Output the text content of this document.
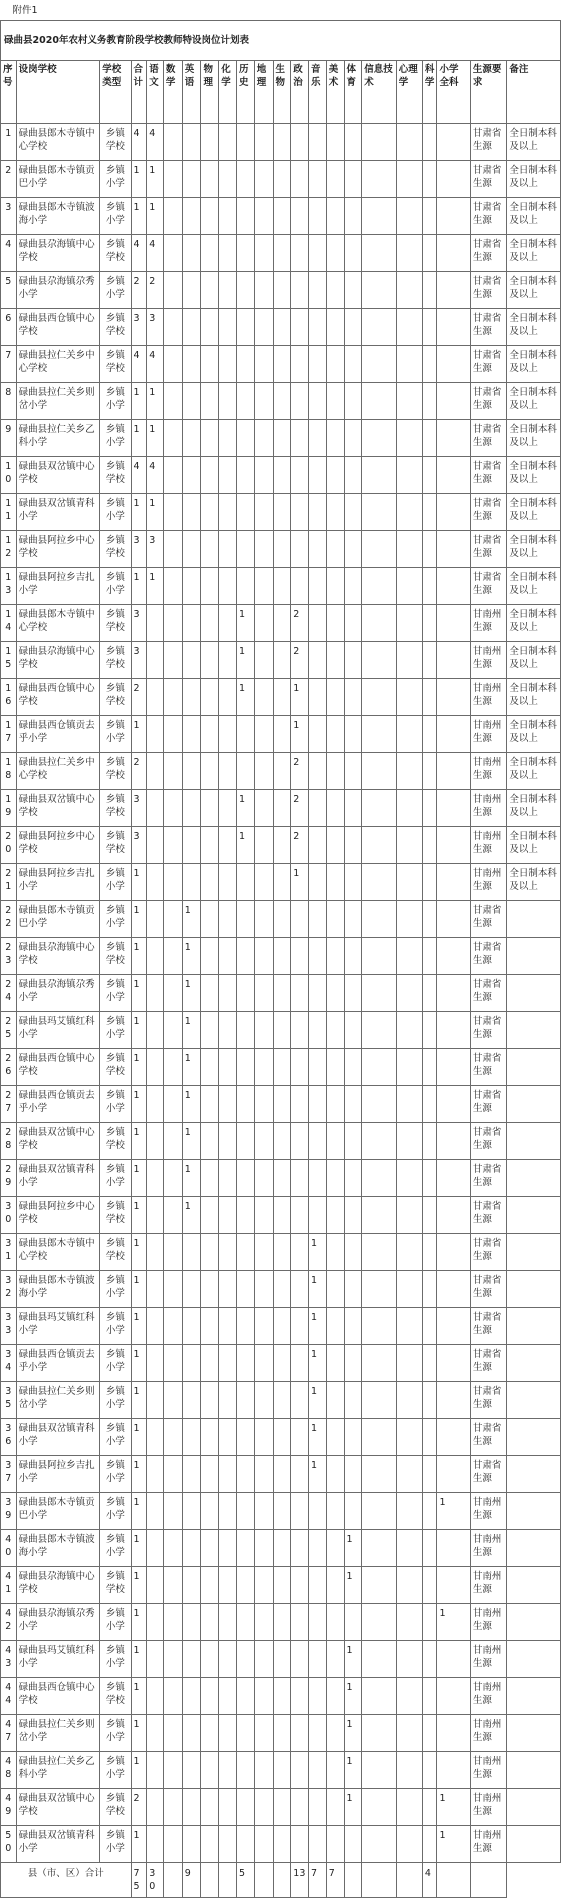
附件1																					
碌曲县2020年农村义务教育阶段学校教师特设岗位计划表																					
序号	设岗学校	学校类型	合计	语文	数学	英语	物理	化学	历史	地理	生物	政治	音乐	美术	体育	信息技术	心理学	科学	小学全科	生源要求	备注
1	碌曲县郎木寺镇中心学校	乡镇学校	4	4																甘肃省生源	全日制本科及以上
2	碌曲县郎木寺镇贡巴小学	乡镇小学	1	1																甘肃省生源	全日制本科及以上
3	碌曲县郎木寺镇波海小学	乡镇小学	1	1																甘肃省生源	全日制本科及以上
4	碌曲县尕海镇中心学校	乡镇学校	4	4																甘肃省生源	全日制本科及以上
5	碌曲县尕海镇尕秀小学	乡镇小学	2	2																甘肃省生源	全日制本科及以上
6	碌曲县西仓镇中心学校	乡镇学校	3	3																甘肃省生源	全日制本科及以上
7	碌曲县拉仁关乡中心学校	乡镇学校	4	4																甘肃省生源	全日制本科及以上
8	碌曲县拉仁关乡则岔小学	乡镇小学	1	1																甘肃省生源	全日制本科及以上
9	碌曲县拉仁关乡乙科小学	乡镇小学	1	1																甘肃省生源	全日制本科及以上
10	碌曲县双岔镇中心学校	乡镇学校	4	4																甘肃省生源	全日制本科及以上
11	碌曲县双岔镇青科小学	乡镇小学	1	1																甘肃省生源	全日制本科及以上
12	碌曲县阿拉乡中心学校	乡镇学校	3	3																甘肃省生源	全日制本科及以上
13	碌曲县阿拉乡吉扎小学	乡镇小学	1	1																甘肃省生源	全日制本科及以上
14	碌曲县郎木寺镇中心学校	乡镇学校	3						1			2								甘南州生源	全日制本科及以上
15	碌曲县尕海镇中心学校	乡镇学校	3						1			2								甘南州生源	全日制本科及以上
16	碌曲县西仓镇中心学校	乡镇学校	2						1			1								甘南州生源	全日制本科及以上
17	碌曲县西仓镇贡去乎小学	乡镇小学	1									1								甘南州生源	全日制本科及以上
18	碌曲县拉仁关乡中心学校	乡镇学校	2									2								甘南州生源	全日制本科及以上
19	碌曲县双岔镇中心学校	乡镇学校	3						1			2								甘南州生源	全日制本科及以上
20	碌曲县阿拉乡中心学校	乡镇学校	3						1			2								甘南州生源	全日制本科及以上
21	碌曲县阿拉乡吉扎小学	乡镇小学	1									1								甘南州生源	全日制本科及以上
22	碌曲县郎木寺镇贡巴小学	乡镇小学	1			1														甘肃省生源	
23	碌曲县尕海镇中心学校	乡镇学校	1			1														甘肃省生源	
24	碌曲县尕海镇尕秀小学	乡镇小学	1			1														甘肃省生源	
25	碌曲县玛艾镇红科小学	乡镇小学	1			1														甘肃省生源	
26	碌曲县西仓镇中心学校	乡镇学校	1			1														甘肃省生源	
27	碌曲县西仓镇贡去乎小学	乡镇小学	1			1														甘肃省生源	
28	碌曲县双岔镇中心学校	乡镇学校	1			1														甘肃省生源	
29	碌曲县双岔镇青科小学	乡镇小学	1			1														甘肃省生源	
30	碌曲县阿拉乡中心学校	乡镇学校	1			1														甘肃省生源	
31	碌曲县郎木寺镇中心学校	乡镇学校	1										1							甘肃省生源	
32	碌曲县郎木寺镇波海小学	乡镇小学	1										1							甘肃省生源	
33	碌曲县玛艾镇红科小学	乡镇小学	1										1							甘肃省生源	
34	碌曲县西仓镇贡去乎小学	乡镇小学	1										1							甘肃省生源	
35	碌曲县拉仁关乡则岔小学	乡镇小学	1										1							甘肃省生源	
36	碌曲县双岔镇青科小学	乡镇小学	1										1							甘肃省生源	
37	碌曲县阿拉乡吉扎小学	乡镇小学	1										1							甘肃省生源	
39	碌曲县郎木寺镇贡巴小学	乡镇小学	1																1	甘南州生源	
40	碌曲县郎木寺镇波海小学	乡镇小学	1												1					甘南州生源	
41	碌曲县尕海镇中心学校	乡镇学校	1												1					甘南州生源	
42	碌曲县尕海镇尕秀小学	乡镇小学	1																1	甘南州生源	
43	碌曲县玛艾镇红科小学	乡镇小学	1												1					甘南州生源	
44	碌曲县西仓镇中心学校	乡镇学校	1												1					甘南州生源	
47	碌曲县拉仁关乡则岔小学	乡镇小学	1												1					甘南州生源	
48	碌曲县拉仁关乡乙科小学	乡镇小学	1												1					甘南州生源	
49	碌曲县双岔镇中心学校	乡镇学校	2												1				1	甘南州生源	
50	碌曲县双岔镇青科小学	乡镇小学	1																1	甘南州生源	
县（市、区）合计			75	30		9			5			13	7	7				4			
